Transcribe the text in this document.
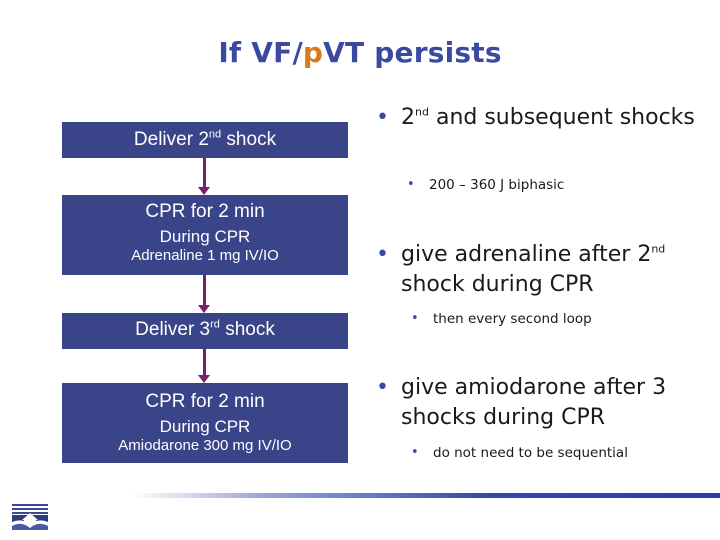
If VF/pVT persists
Deliver 2nd shock
CPR for 2 min
During CPR
Adrenaline 1 mg IV/IO
Deliver 3rd shock
CPR for 2 min
During CPR
Amiodarone 300 mg IV/IO
• 2nd and subsequent shocks
• 200 – 360 J biphasic
• give adrenaline after 2nd shock during CPR
• then every second loop
• give amiodarone after 3 shocks during CPR
• do not need to be sequential
